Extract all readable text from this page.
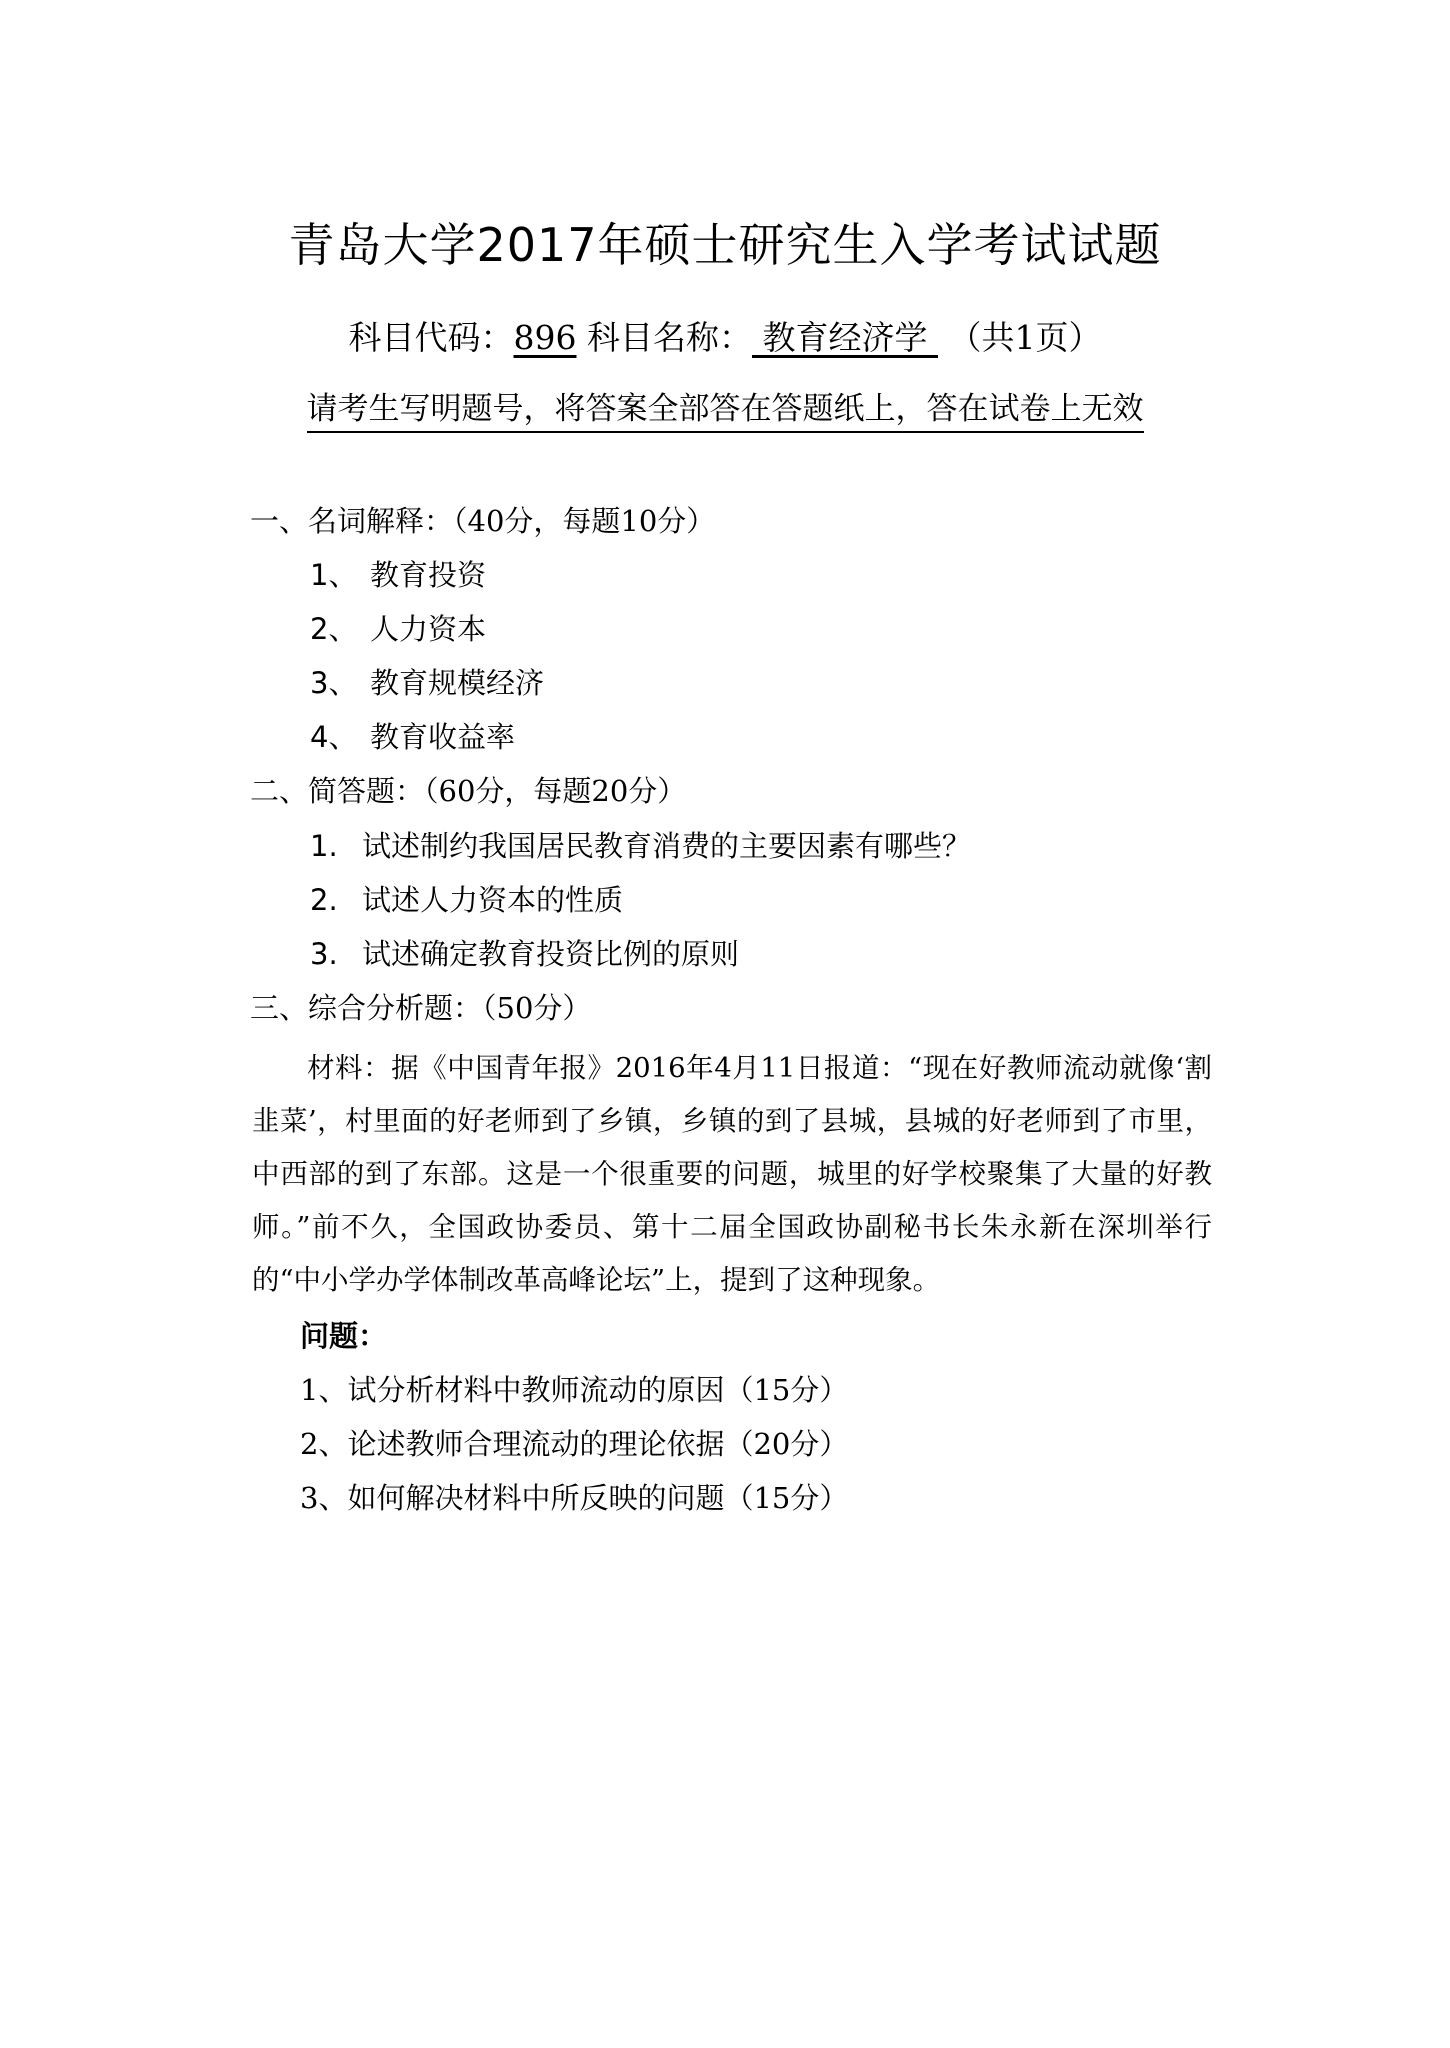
青岛大学2017年硕士研究生入学考试试题
科目代码：896 科目名称： 教育经济学  （共1页）
请考生写明题号，将答案全部答在答题纸上，答在试卷上无效
一、名词解释：（40分，每题10分）
1、 教育投资
2、 人力资本
3、 教育规模经济
4、 教育收益率
二、简答题：（60分，每题20分）
1. 试述制约我国居民教育消费的主要因素有哪些？
2. 试述人力资本的性质
3. 试述确定教育投资比例的原则
三、综合分析题：（50分）
材料：据《中国青年报》2016年4月11日报道：“现在好教师流动就像‘割韭菜’，村里面的好老师到了乡镇，乡镇的到了县城，县城的好老师到了市里，中西部的到了东部。这是一个很重要的问题，城里的好学校聚集了大量的好教师。”前不久，全国政协委员、第十二届全国政协副秘书长朱永新在深圳举行的“中小学办学体制改革高峰论坛”上，提到了这种现象。
问题：
1、试分析材料中教师流动的原因（15分）
2、论述教师合理流动的理论依据（20分）
3、如何解决材料中所反映的问题（15分）
